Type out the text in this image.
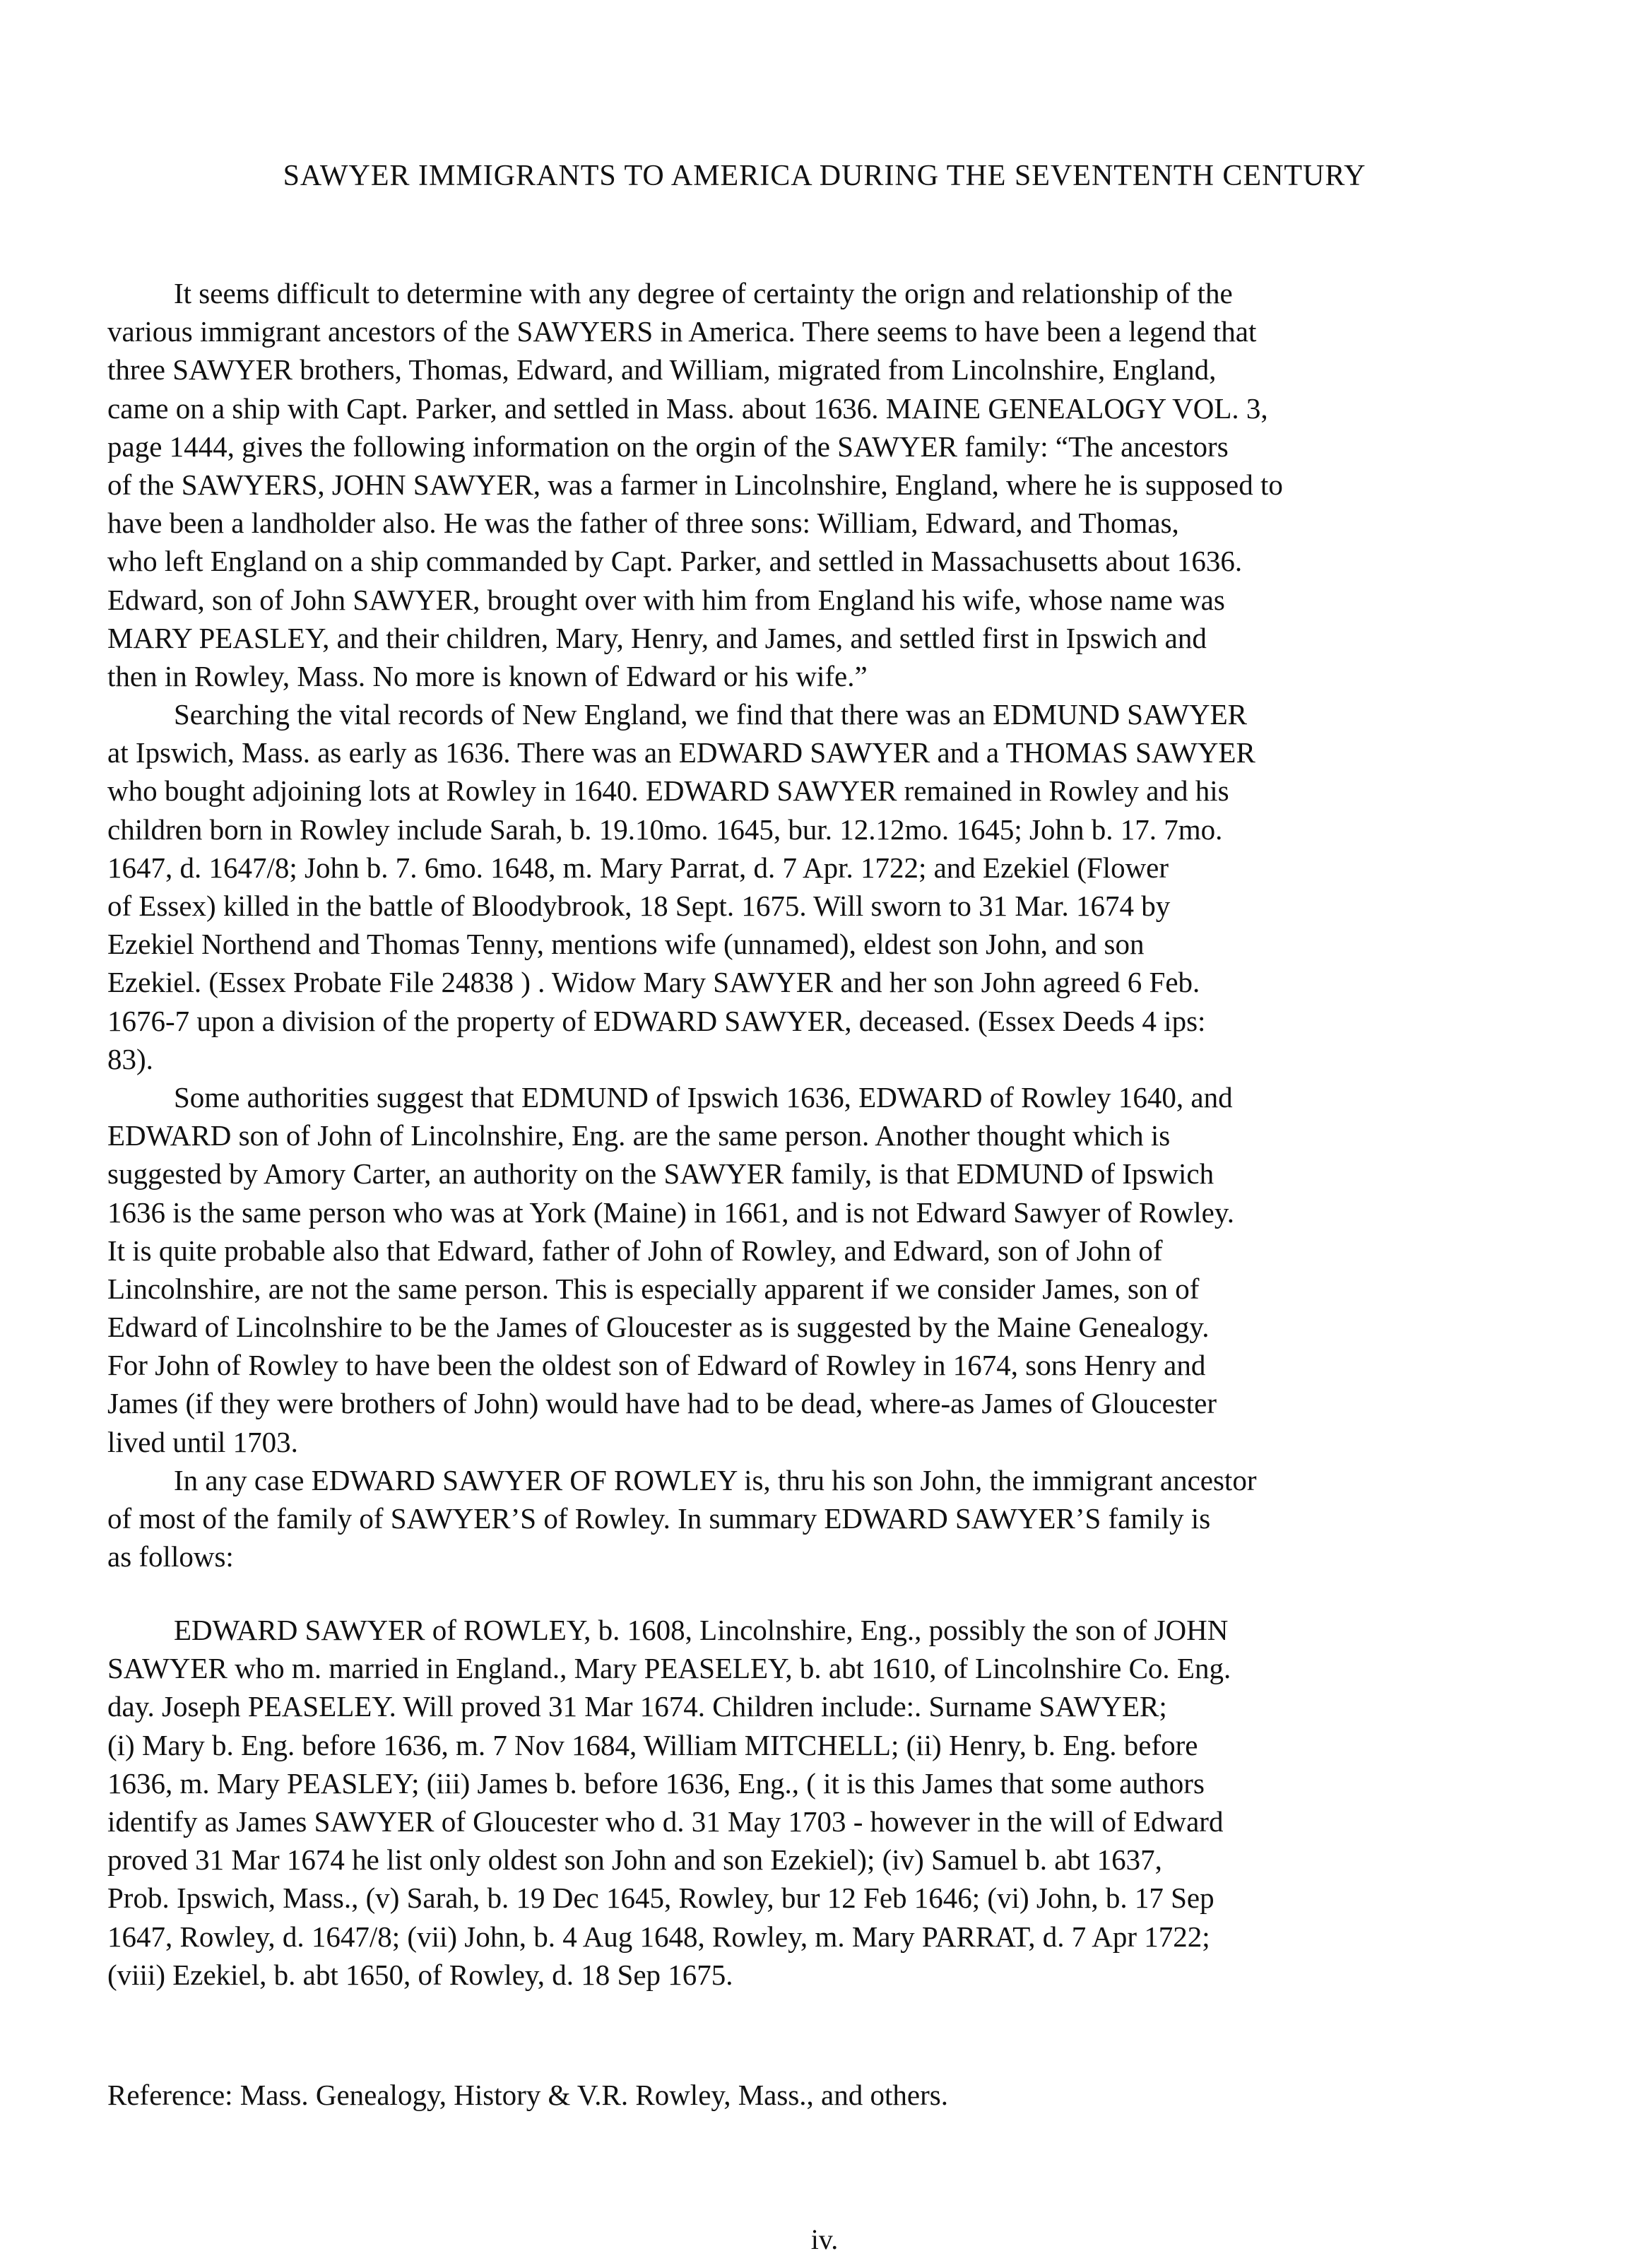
SAWYER IMMIGRANTS TO AMERICA DURING THE SEVENTENTH CENTURY
It seems difficult to determine with any degree of certainty the orign and relationship of the
various immigrant ancestors of the SAWYERS in America. There seems to have been a legend that
three SAWYER brothers, Thomas, Edward, and William, migrated from Lincolnshire, England,
came on a ship with Capt. Parker, and settled in Mass. about 1636. MAINE GENEALOGY VOL. 3,
page 1444, gives the following information on the orgin of the SAWYER family: “The ancestors
of the SAWYERS, JOHN SAWYER, was a farmer in Lincolnshire, England, where he is supposed to
have been a landholder also. He was the father of three sons: William, Edward, and Thomas,
who left England on a ship commanded by Capt. Parker, and settled in Massachusetts about 1636.
Edward, son of John SAWYER, brought over with him from England his wife, whose name was
MARY PEASLEY, and their children, Mary, Henry, and James, and settled first in Ipswich and
then in Rowley, Mass. No more is known of Edward or his wife.”
Searching the vital records of New England, we find that there was an EDMUND SAWYER
at Ipswich, Mass. as early as 1636. There was an EDWARD SAWYER and a THOMAS SAWYER
who bought adjoining lots at Rowley in 1640. EDWARD SAWYER remained in Rowley and his
children born in Rowley include Sarah, b. 19.10mo. 1645, bur. 12.12mo. 1645; John b. 17. 7mo.
1647, d. 1647/8; John b. 7. 6mo. 1648, m. Mary Parrat, d. 7 Apr. 1722; and Ezekiel (Flower
of Essex) killed in the battle of Bloodybrook, 18 Sept. 1675. Will sworn to 31 Mar. 1674 by
Ezekiel Northend and Thomas Tenny, mentions wife (unnamed), eldest son John, and son
Ezekiel. (Essex Probate File 24838 ) . Widow Mary SAWYER and her son John agreed 6 Feb.
1676-7 upon a division of the property of EDWARD SAWYER, deceased. (Essex Deeds 4 ips:
83).
Some authorities suggest that EDMUND of Ipswich 1636, EDWARD of Rowley 1640, and
EDWARD son of John of Lincolnshire, Eng. are the same person. Another thought which is
suggested by Amory Carter, an authority on the SAWYER family, is that EDMUND of Ipswich
1636 is the same person who was at York (Maine) in 1661, and is not Edward Sawyer of Rowley.
It is quite probable also that Edward, father of John of Rowley, and Edward, son of John of
Lincolnshire, are not the same person. This is especially apparent if we consider James, son of
Edward of Lincolnshire to be the James of Gloucester as is suggested by the Maine Genealogy.
For John of Rowley to have been the oldest son of Edward of Rowley in 1674, sons Henry and
James (if they were brothers of John) would have had to be dead, where-as James of Gloucester
lived until 1703.
In any case EDWARD SAWYER OF ROWLEY is, thru his son John, the immigrant ancestor
of most of the family of SAWYER’S of Rowley. In summary EDWARD SAWYER’S family is
as follows:
EDWARD SAWYER of ROWLEY, b. 1608, Lincolnshire, Eng., possibly the son of JOHN
SAWYER who m. married in England., Mary PEASELEY, b. abt 1610, of Lincolnshire Co. Eng.
day. Joseph PEASELEY. Will proved 31 Mar 1674. Children include:. Surname SAWYER;
(i) Mary b. Eng. before 1636, m. 7 Nov 1684, William MITCHELL; (ii) Henry, b. Eng. before
1636, m. Mary PEASLEY; (iii) James b. before 1636, Eng., ( it is this James that some authors
identify as James SAWYER of Gloucester who d. 31 May 1703 - however in the will of Edward
proved 31 Mar 1674 he list only oldest son John and son Ezekiel); (iv) Samuel b. abt 1637,
Prob. Ipswich, Mass., (v) Sarah, b. 19 Dec 1645, Rowley, bur 12 Feb 1646; (vi) John, b. 17 Sep
1647, Rowley, d. 1647/8; (vii) John, b. 4 Aug 1648, Rowley, m. Mary PARRAT, d. 7 Apr 1722;
(viii) Ezekiel, b. abt 1650, of Rowley, d. 18 Sep 1675.
Reference: Mass. Genealogy, History & V.R. Rowley, Mass., and others.
iv.
